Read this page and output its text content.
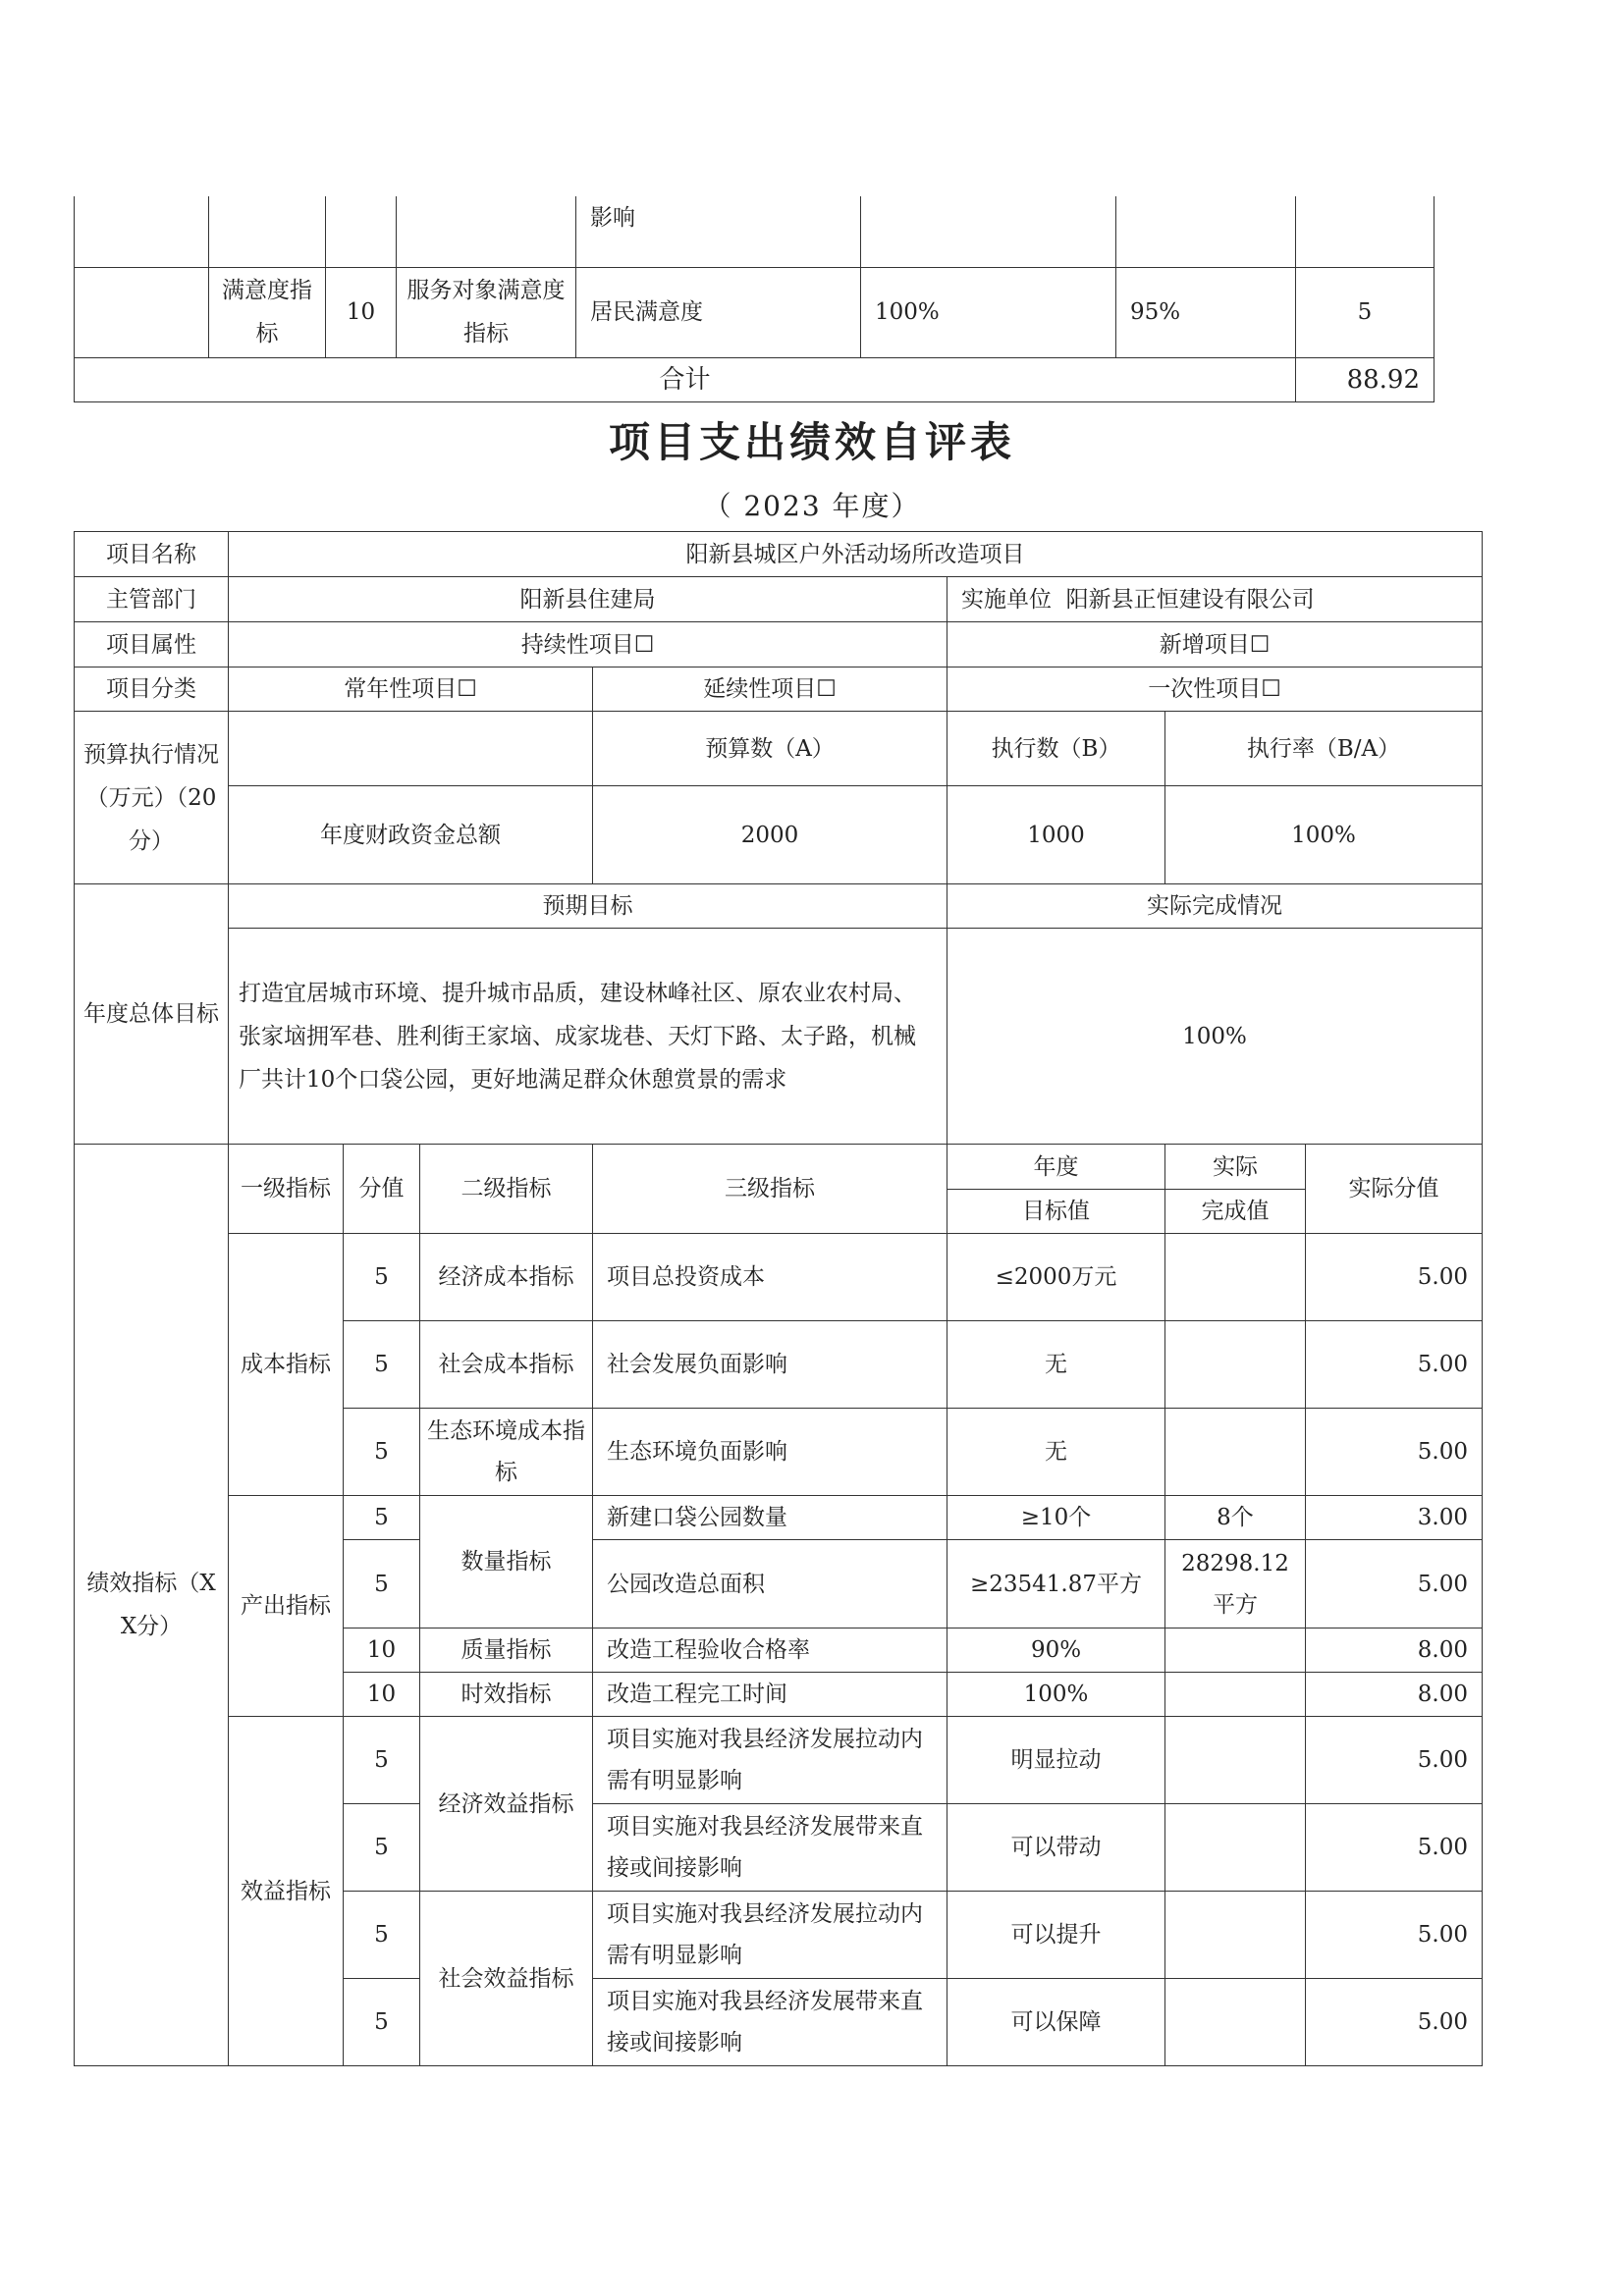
				影响			
	满意度指标	10	服务对象满意度指标	居民满意度	100%	95%	5
合计							88.92
项目支出绩效自评表
（ 2023 年度）
项目名称	阳新县城区户外活动场所改造项目						
主管部门	阳新县住建局				实施单位 阳新县正恒建设有限公司		
项目属性	持续性项目☐				新增项目☐		
项目分类	常年性项目☐			延续性项目☐	一次性项目☐		
预算执行情况（万元）（20分）				预算数（A）	执行数（B）	执行率（B/A）	
	年度财政资金总额			2000	1000	100%	
年度总体目标	预期目标				实际完成情况		
	打造宜居城市环境、提升城市品质，建设林峰社区、原农业农村局、张家垴拥军巷、胜利街王家垴、成家垅巷、天灯下路、太子路，机械厂共计10个口袋公园，更好地满足群众休憩赏景的需求				100%		

绩效指标（XX分）	一级指标	分值	二级指标	三级指标	年度	实际	实际分值
					目标值	完成值	
	成本指标	5	经济成本指标	项目总投资成本	≤2000万元		5.00
		5	社会成本指标	社会发展负面影响	无		5.00
		5	生态环境成本指标	生态环境负面影响	无		5.00
	产出指标	5	数量指标	新建口袋公园数量	≥10个	8个	3.00
		5		公园改造总面积	≥23541.87平方	28298.12平方	5.00
		10	质量指标	改造工程验收合格率	90%		8.00
		10	时效指标	改造工程完工时间	100%		8.00
	效益指标	5	经济效益指标	项目实施对我县经济发展拉动内需有明显影响	明显拉动		5.00
		5		项目实施对我县经济发展带来直接或间接影响	可以带动		5.00
		5	社会效益指标	项目实施对我县经济发展拉动内需有明显影响	可以提升		5.00
		5		项目实施对我县经济发展带来直接或间接影响	可以保障		5.00
